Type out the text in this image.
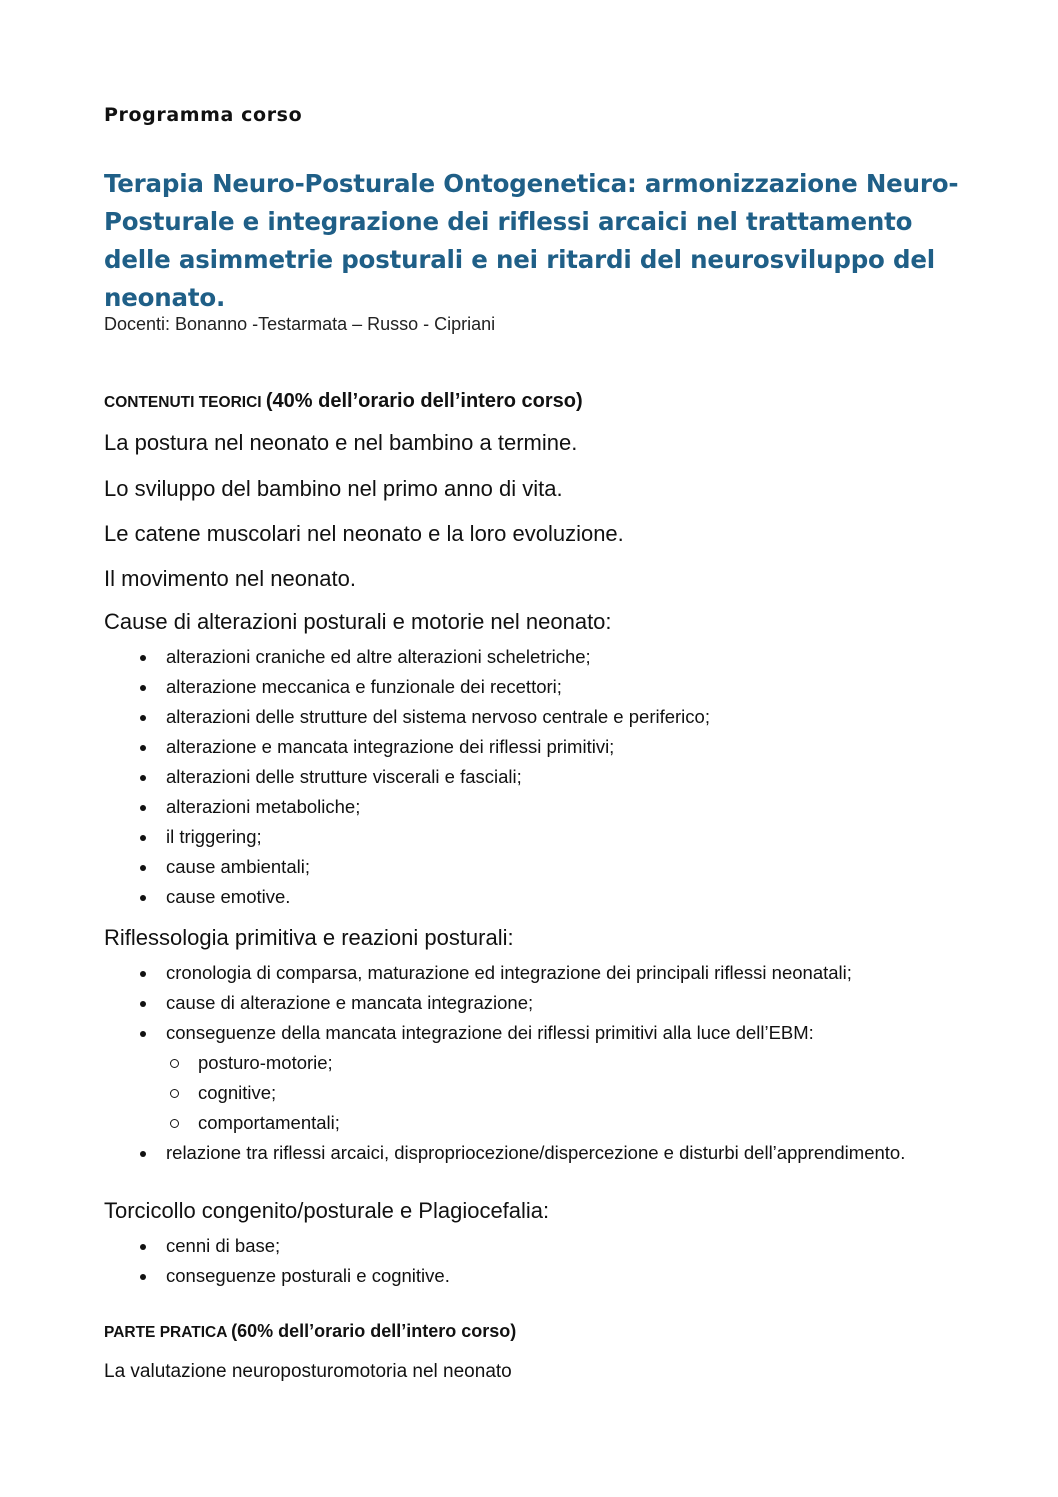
Programma corso

Terapia Neuro-Posturale Ontogenetica: armonizzazione Neuro-Posturale e integrazione dei riflessi arcaici nel trattamento delle asimmetrie posturali e nei ritardi del neurosviluppo del neonato.

Docenti: Bonanno -Testarmata – Russo - Cipriani

CONTENUTI TEORICI (40% dell’orario dell’intero corso)

La postura nel neonato e nel bambino a termine.

Lo sviluppo del bambino nel primo anno di vita.

Le catene muscolari nel neonato e la loro evoluzione.

Il movimento nel neonato.

Cause di alterazioni posturali e motorie nel neonato:

alterazioni craniche ed altre alterazioni scheletriche;
alterazione meccanica e funzionale dei recettori;
alterazioni delle strutture del sistema nervoso centrale e periferico;
alterazione e mancata integrazione dei riflessi primitivi;
alterazioni delle strutture viscerali e fasciali;
alterazioni metaboliche;
il triggering;
cause ambientali;
cause emotive.

Riflessologia primitiva e reazioni posturali:

cronologia di comparsa, maturazione ed integrazione dei principali riflessi neonatali;
cause di alterazione e mancata integrazione;
conseguenze della mancata integrazione dei riflessi primitivi alla luce dell’EBM:
posturo-motorie;
cognitive;
comportamentali;
relazione tra riflessi arcaici, dispropriocezione/dispercezione e disturbi dell’apprendimento.

Torcicollo congenito/posturale e Plagiocefalia:

cenni di base;
conseguenze posturali e cognitive.

PARTE PRATICA (60% dell’orario dell’intero corso)

La valutazione neuroposturomotoria nel neonato
